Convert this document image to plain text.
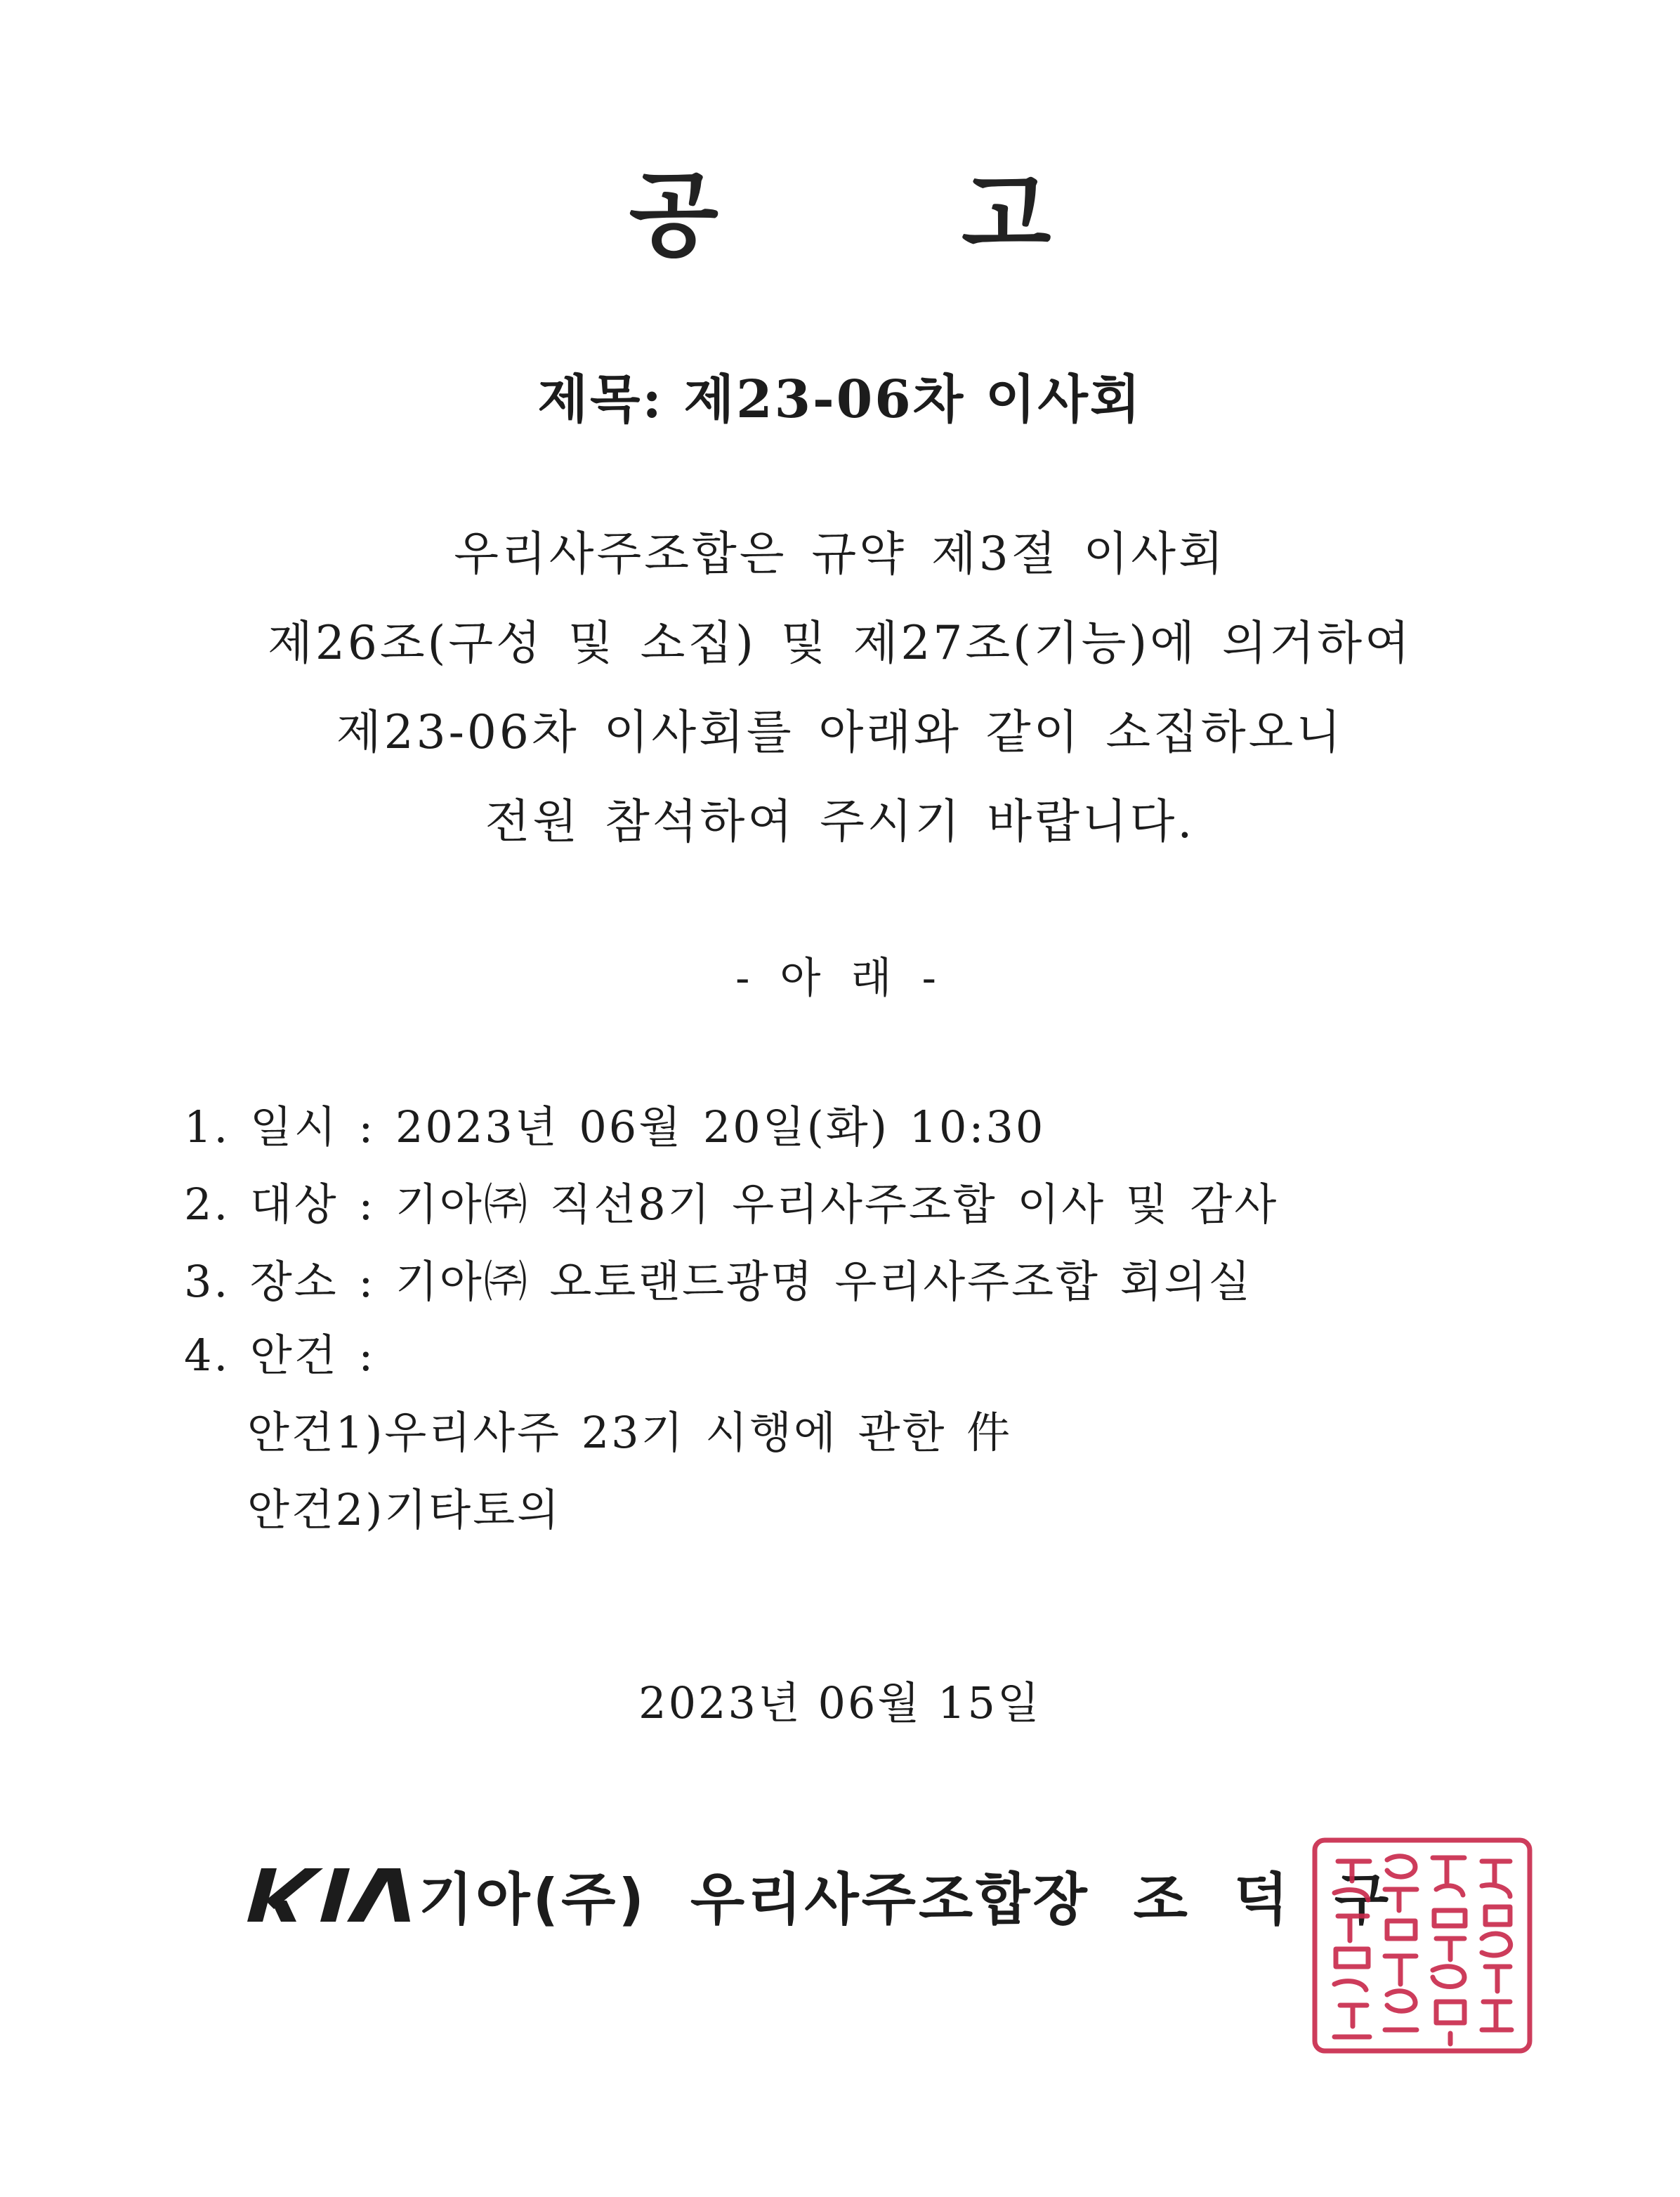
공 고
제목: 제23-06차 이사회
우리사주조합은 규약 제3절 이사회
제26조(구성 및 소집) 및 제27조(기능)에 의거하여
제23-06차 이사회를 아래와 같이 소집하오니
전원 참석하여 주시기 바랍니다.
- 아 래 -
1. 일시 : 2023년 06월 20일(화) 10:30
2. 대상 : 기아㈜ 직선8기 우리사주조합 이사 및 감사
3. 장소 : 기아㈜ 오토랜드광명 우리사주조합 회의실
4. 안건 :
안건1)우리사주 23기 시행에 관한 件
안건2)기타토의
2023년 06월 15일
기아(주) 우리사주조합장 조 덕 구
